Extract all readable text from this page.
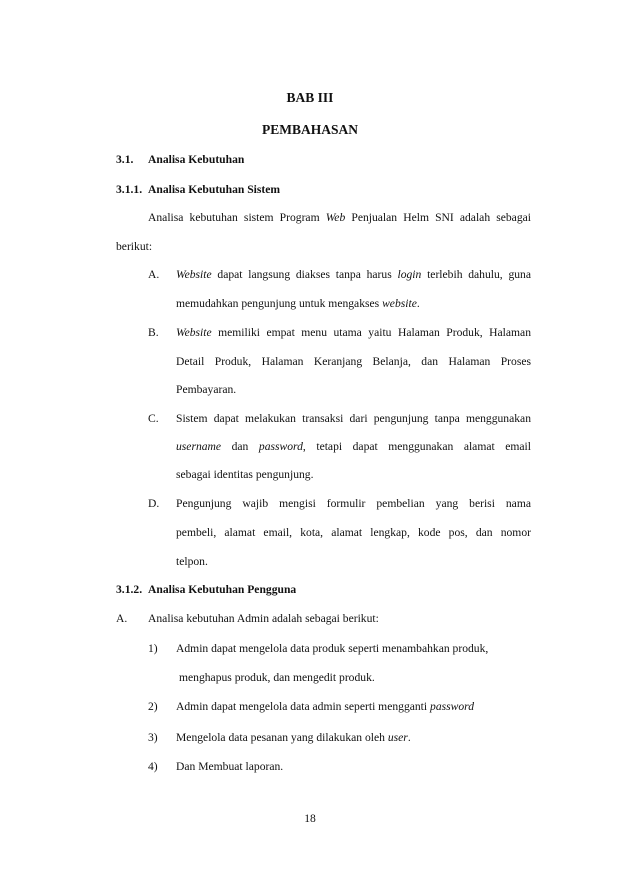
BAB III
PEMBAHASAN
3.1. Analisa Kebutuhan
3.1.1. Analisa Kebutuhan Sistem
Analisa kebutuhan sistem Program Web Penjualan Helm SNI adalah sebagai
berikut:
A. Website dapat langsung diakses tanpa harus login terlebih dahulu, guna
memudahkan pengunjung untuk mengakses website.
B. Website memiliki empat menu utama yaitu Halaman Produk, Halaman
Detail Produk, Halaman Keranjang Belanja, dan Halaman Proses
Pembayaran.
C. Sistem dapat melakukan transaksi dari pengunjung tanpa menggunakan
username dan password, tetapi dapat menggunakan alamat email
sebagai identitas pengunjung.
D. Pengunjung wajib mengisi formulir pembelian yang berisi nama
pembeli, alamat email, kota, alamat lengkap, kode pos, dan nomor
telpon.
3.1.2. Analisa Kebutuhan Pengguna
A. Analisa kebutuhan Admin adalah sebagai berikut:
1) Admin dapat mengelola data produk seperti menambahkan produk,
menghapus produk, dan mengedit produk.
2) Admin dapat mengelola data admin seperti mengganti password
3) Mengelola data pesanan yang dilakukan oleh user.
4) Dan Membuat laporan.
18
